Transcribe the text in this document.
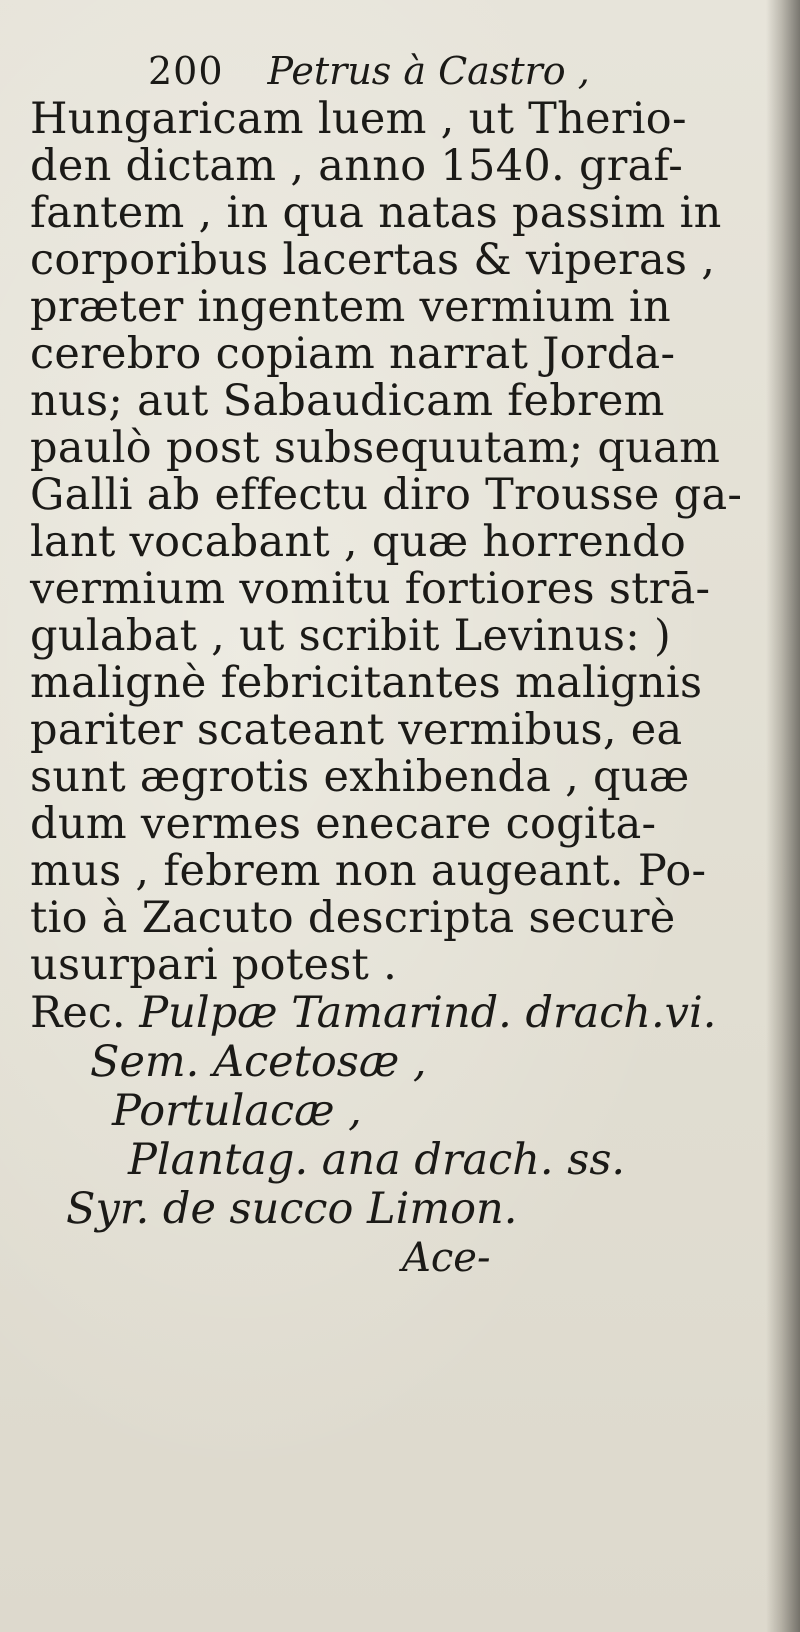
200 Petrus à Castro ,
Hungaricam luem , ut Therio-
den dictam , anno 1540. graf-
fantem , in qua natas passim in
corporibus lacertas & viperas ,
præter ingentem vermium in
cerebro copiam narrat Jorda-
nus; aut Sabaudicam febrem
paulò post subsequutam; quam
Galli ab effectu diro Trousse ga-
lant vocabant , quæ horrendo
vermium vomitu fortiores strā-
gulabat , ut scribit Levinus: )
malignè febricitantes malignis
pariter scateant vermibus, ea
sunt ægrotis exhibenda , quæ
dum vermes enecare cogita-
mus , febrem non augeant. Po-
tio à Zacuto descripta securè
usurpari potest .
Rec. Pulpæ Tamarind. drach.vi.
Sem. Acetosæ ,
Portulacæ ,
Plantag. ana drach. ss.
Syr. de succo Limon.
Ace-
